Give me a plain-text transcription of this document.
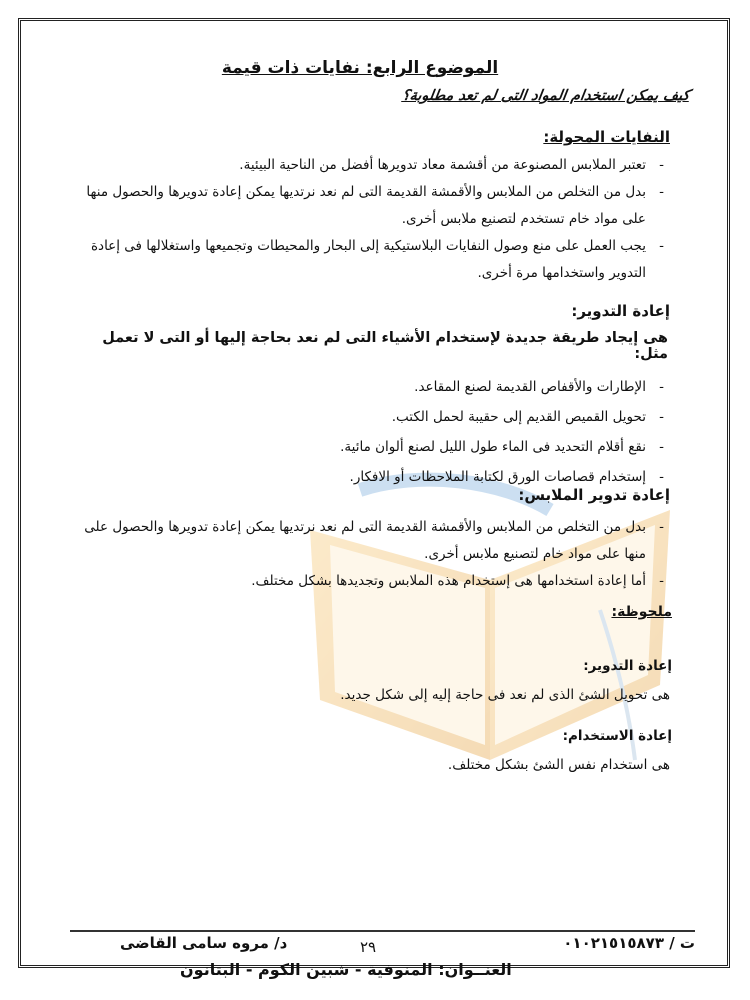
الموضوع الرابع: نفايات ذات قيمة
كيف يمكن استخدام المواد التى لم تعد مطلوبة؟
النفايات المحولة:
- تعتبر الملابس المصنوعة من أقشمة معاد تدويرها أفضل من الناحية البيئية.
- بدل من التخلص من الملابس والأقمشة القديمة التى لم نعد نرتديها يمكن إعادة تدويرها والحصول منها على مواد خام تستخدم لتصنيع ملابس أخرى.
- يجب العمل على منع وصول النفايات البلاستيكية إلى البحار والمحيطات وتجميعها واستغلالها فى إعادة التدوير واستخدامها مرة أخرى.
إعادة التدوير:
هى إيجاد طريقة جديدة لإستخدام الأشياء التى لم نعد بحاجة إليها أو التى لا تعمل مثل:
- الإطارات والأقفاص القديمة لصنع المقاعد.
- تحويل القميص القديم إلى حقيبة لحمل الكتب.
- نقع أقلام التحديد فى الماء طول الليل لصنع ألوان مائية.
- إستخدام قصاصات الورق لكتابة الملاحظات أو الافكار.
إعادة تدوير الملابس:
- بدل من التخلص من الملابس والأقمشة القديمة التى لم نعد نرتديها يمكن إعادة تدويرها والحصول على منها على مواد خام لتصنيع ملابس أخرى.
- أما إعادة استخدامها هى إستخدام هذه الملابس وتجديدها بشكل مختلف.
ملحوظة:
إعادة التدوير:
هى تحويل الشئ الذى لم نعد فى حاجة إليه إلى شكل جديد.
إعادة الاستخدام:
هى استخدام نفس الشئ بشكل مختلف.
ت / ٠١٠٢١٥١٥٨٧٣
٢٩
د/ مروه سامى القاضى
العنــوان: المنوفية - شبين الكوم - البتانون
